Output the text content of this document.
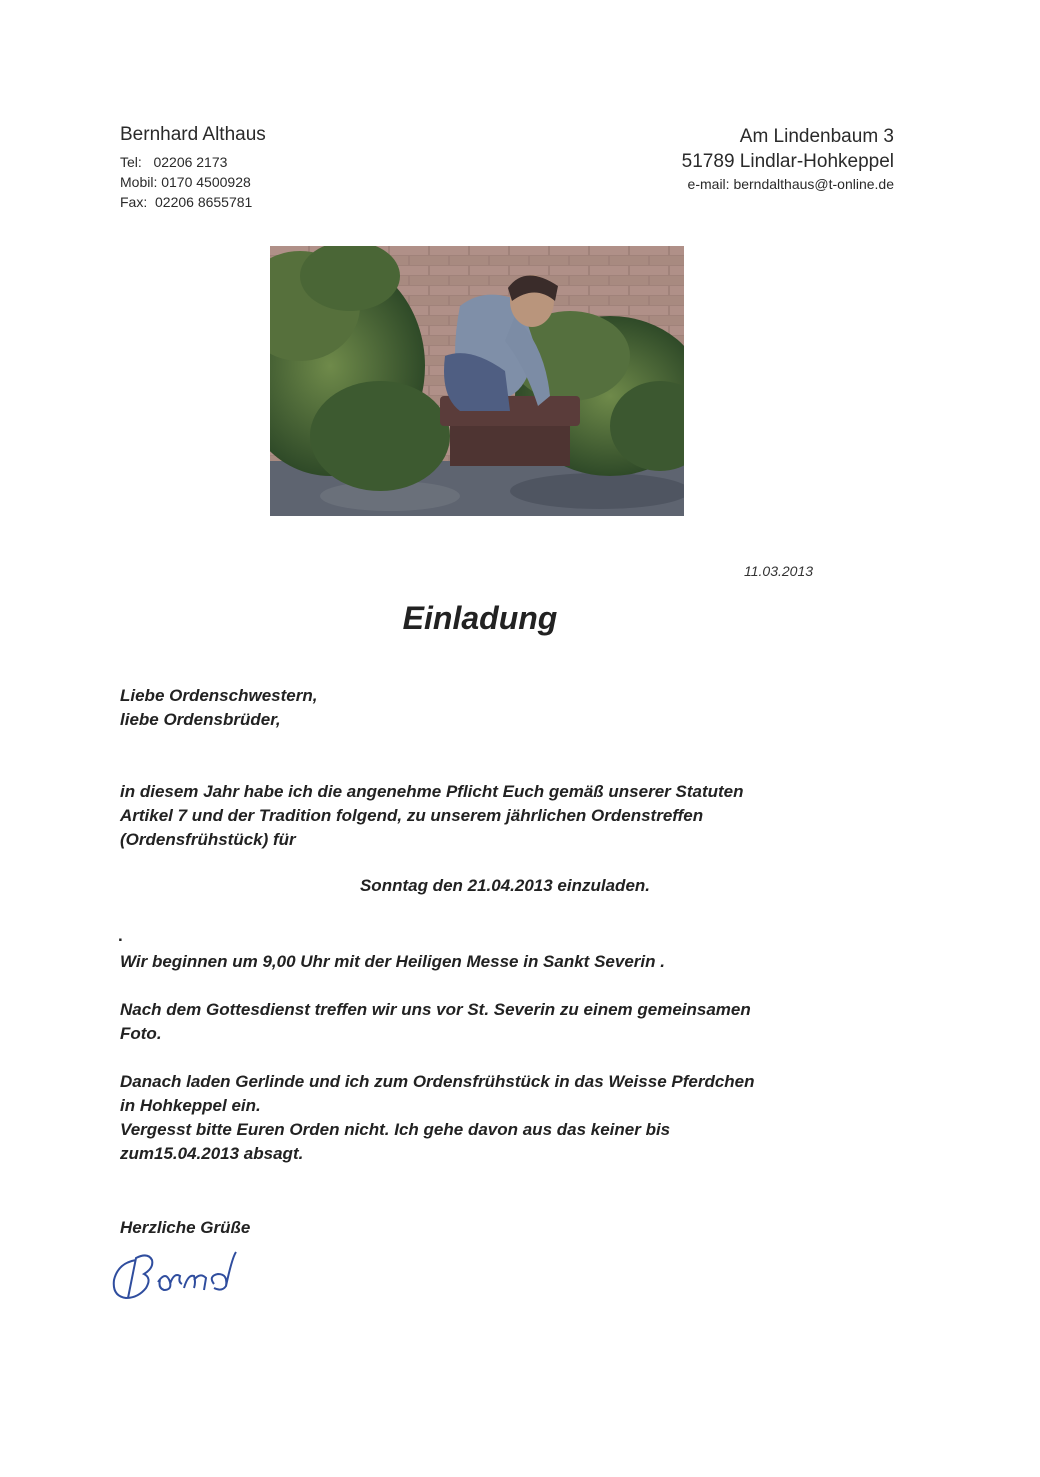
Bernhard Althaus
Tel:   02206 2173
Mobil: 0170 4500928
Fax:  02206 8655781
Am Lindenbaum 3
51789 Lindlar-Hohkeppel
e-mail: berndalthaus@t-online.de
11.03.2013
Einladung
Liebe Ordenschwestern,
liebe Ordensbrüder,
in diesem Jahr habe ich die angenehme Pflicht Euch gemäß unserer Statuten
Artikel 7 und der Tradition folgend, zu unserem jährlichen Ordenstreffen
(Ordensfrühstück) für
Sonntag den 21.04.2013 einzuladen.
.
Wir beginnen um 9,00 Uhr mit der Heiligen Messe in Sankt Severin .
Nach dem Gottesdienst treffen wir uns vor St. Severin zu einem gemeinsamen
Foto.
Danach laden Gerlinde und ich zum Ordensfrühstück in das Weisse Pferdchen
in Hohkeppel ein.
Vergesst bitte Euren Orden nicht. Ich gehe davon aus das keiner bis
zum15.04.2013 absagt.
Herzliche Grüße
